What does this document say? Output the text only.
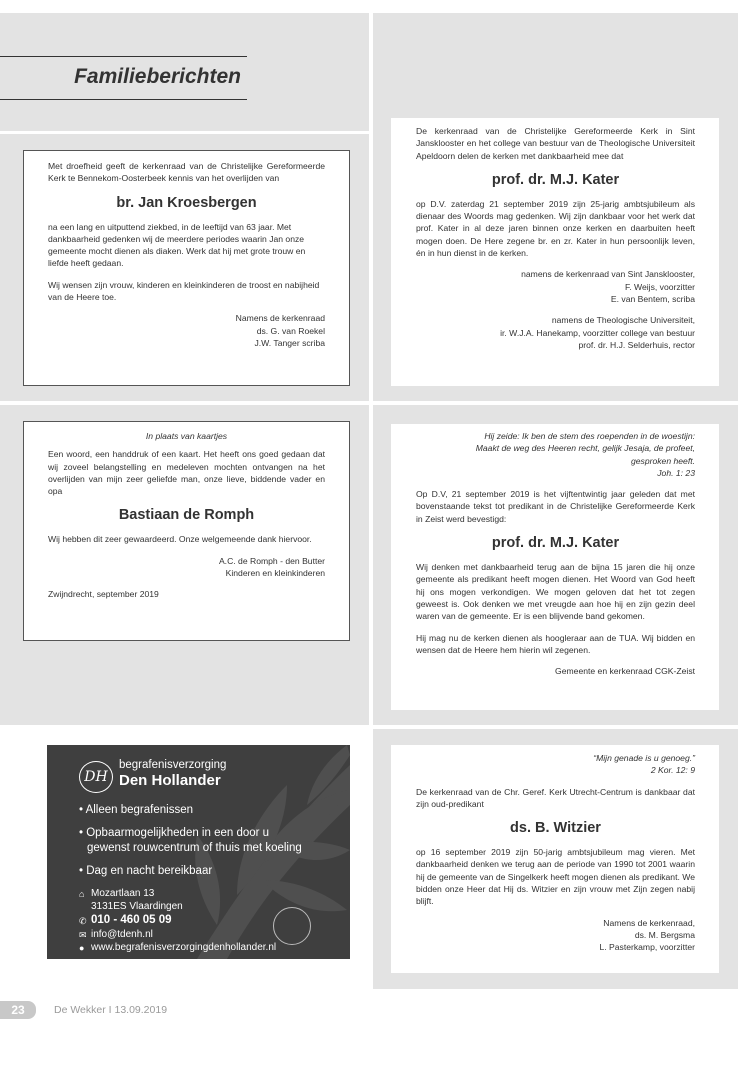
Familieberichten

Met droefheid geeft de kerkenraad van de Christelijke Gereformeerde Kerk te Bennekom-Oosterbeek kennis van het overlijden van

br. Jan Kroesbergen

na een lang en uitputtend ziekbed, in de leeftijd van 63 jaar. Met dankbaarheid gedenken wij de meerdere periodes waarin Jan onze gemeente mocht dienen als diaken. Werk dat hij met grote trouw en liefde heeft gedaan.

Wij wensen zijn vrouw, kinderen en kleinkinderen de troost en nabijheid van de Heere toe.

Namens de kerkenraad

ds. G. van Roekel

J.W. Tanger scriba

De kerkenraad van de Christelijke Gereformeerde Kerk in Sint Jansklooster en het college van bestuur van de Theologische Universiteit Apeldoorn delen de kerken met dankbaarheid mee dat

prof. dr. M.J. Kater

op D.V. zaterdag 21 september 2019 zijn 25-jarig ambtsjubileum als dienaar des Woords mag gedenken. Wij zijn dankbaar voor het werk dat prof. Kater in al deze jaren binnen onze kerken en daarbuiten heeft mogen doen. De Here zegene br. en zr. Kater in hun persoonlijk leven, én in hun dienst in de kerken.

namens de kerkenraad van Sint Jansklooster,

F. Weijs, voorzitter

E. van Bentem, scriba

namens de Theologische Universiteit,

ir. W.J.A. Hanekamp, voorzitter college van bestuur

prof. dr. H.J. Selderhuis, rector

In plaats van kaartjes

Een woord, een handdruk of een kaart. Het heeft ons goed gedaan dat wij zoveel belangstelling en medeleven mochten ontvangen na het overlijden van mijn zeer geliefde man, onze lieve, biddende vader en opa

Bastiaan de Romph

Wij hebben dit zeer gewaardeerd. Onze welgemeende dank hiervoor.

A.C. de Romph - den Butter

Kinderen en kleinkinderen

Zwijndrecht, september 2019

Hij zeide: Ik ben de stem des roependen in de woestijn:

Maakt de weg des Heeren recht, gelijk Jesaja, de profeet,

gesproken heeft.

Joh. 1: 23

Op D.V, 21 september 2019 is het vijftentwintig jaar geleden dat met bovenstaande tekst tot predikant in de Christelijke Gereformeerde Kerk in Zeist werd bevestigd:

prof. dr. M.J. Kater

Wij denken met dankbaarheid terug aan de bijna 15 jaren die hij onze gemeente als predikant heeft mogen dienen. Het Woord van God heeft hij ons mogen verkondigen. We mogen geloven dat het tot zegen geweest is. Ook denken we met vreugde aan hoe hij en zijn gezin deel waren van de gemeente. Er is een blijvende band gekomen.

Hij mag nu de kerken dienen als hoogleraar aan de TUA. Wij bidden en wensen dat de Heere hem hierin wil zegenen.

Gemeente en kerkenraad CGK-Zeist

“Mijn genade is u genoeg.”

2 Kor. 12: 9

De kerkenraad van de Chr. Geref. Kerk Utrecht-Centrum is dankbaar dat zijn oud-predikant

ds. B. Witzier

op 16 september 2019 zijn 50-jarig ambtsjubileum mag vieren. Met dankbaarheid denken we terug aan de periode van 1990 tot 2001 waarin hij de gemeente van de Singelkerk heeft mogen dienen als predikant. We bidden onze Heer dat Hij ds. Witzier en zijn vrouw met Zijn zegen nabij blijft.

Namens de kerkenraad,

ds. M. Bergsma

L. Pasterkamp, voorzitter

DH
begrafenisverzorging
Den Hollander
• Alleen begrafenissen
• Opbaarmogelijkheden in een door u
gewenst rouwcentrum of thuis met koeling
• Dag en nacht bereikbaar
⌂ Mozartlaan 13
3131ES Vlaardingen
✆ 010 - 460 05 09
✉ info@tdenh.nl
● www.begrafenisverzorgingdenhollander.nl
23	De Wekker I 13.09.2019
